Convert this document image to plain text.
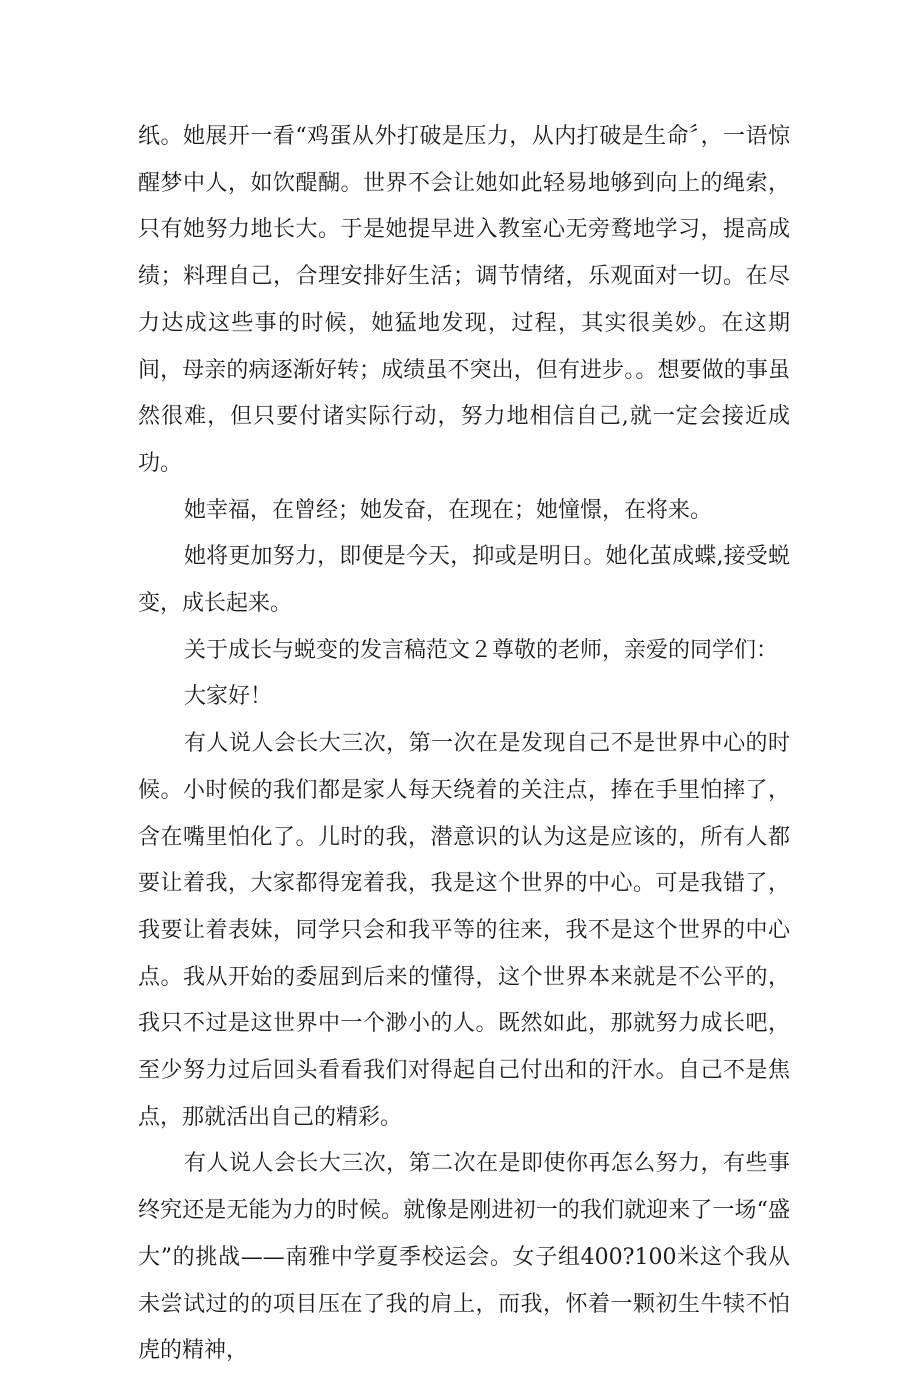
纸。她展开一看“鸡蛋从外打破是压力，从内打破是生命〞，一语惊醒梦中人，如饮醍醐。世界不会让她如此轻易地够到向上的绳索，只有她努力地长大。于是她提早进入教室心无旁鹜地学习，提高成绩；料理自己，合理安排好生活；调节情绪，乐观面对一切。在尽力达成这些事的时候，她猛地发现，过程，其实很美妙。在这期间，母亲的病逐渐好转；成绩虽不突出，但有进步。。想要做的事虽然很难，但只要付诸实际行动，努力地相信自己,就一定会接近成功。

她幸福，在曾经；她发奋，在现在；她憧憬，在将来。

她将更加努力，即便是今天，抑或是明日。她化茧成蝶,接受蜕变，成长起来。

关于成长与蜕变的发言稿范文２尊敬的老师，亲爱的同学们：

大家好！

有人说人会长大三次，第一次在是发现自己不是世界中心的时候。小时候的我们都是家人每天绕着的关注点，捧在手里怕摔了，含在嘴里怕化了。儿时的我，潜意识的认为这是应该的，所有人都要让着我，大家都得宠着我，我是这个世界的中心。可是我错了，我要让着表妹，同学只会和我平等的往来，我不是这个世界的中心点。我从开始的委屈到后来的懂得，这个世界本来就是不公平的，我只不过是这世界中一个渺小的人。既然如此，那就努力成长吧，至少努力过后回头看看我们对得起自己付出和的汗水。自己不是焦点，那就活出自己的精彩。

有人说人会长大三次，第二次在是即使你再怎么努力，有些事终究还是无能为力的时候。就像是刚进初一的我们就迎来了一场“盛大”的挑战——南雅中学夏季校运会。女子组400?100米这个我从未尝试过的的项目压在了我的肩上，而我，怀着一颗初生牛犊不怕虎的精神，
